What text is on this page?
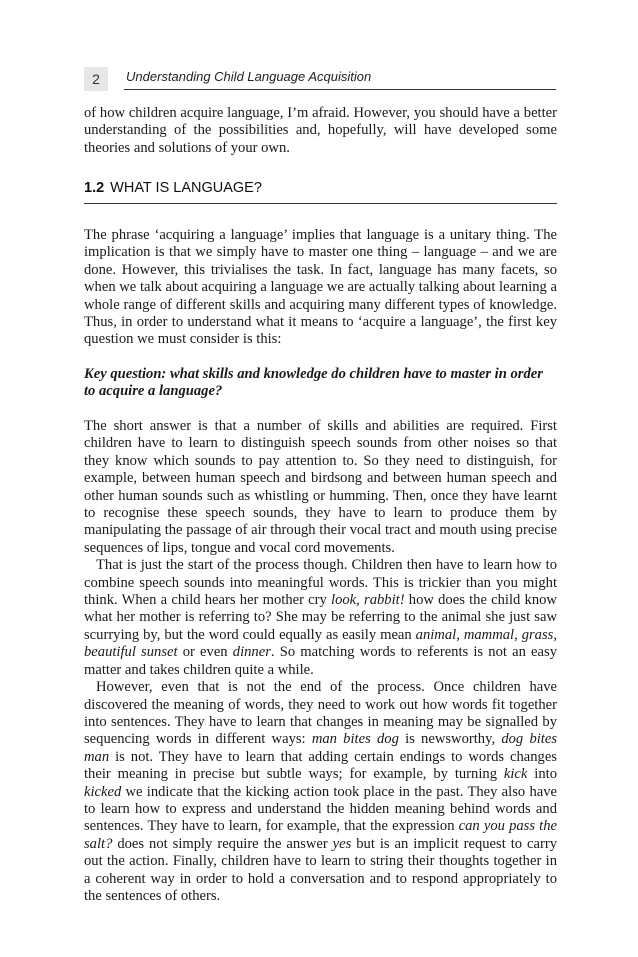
2	Understanding Child Language Acquisition

of how children acquire language, I’m afraid. However, you should have a better understanding of the possibilities and, hopefully, will have developed some theories and solutions of your own.

1.2 WHAT IS LANGUAGE?

The phrase ‘acquiring a language’ implies that language is a unitary thing. The implication is that we simply have to master one thing – language – and we are done. However, this trivialises the task. In fact, language has many facets, so when we talk about acquiring a language we are actually talking about learning a whole range of different skills and acquiring many different types of knowledge. Thus, in order to understand what it means to ‘acquire a language’, the first key question we must consider is this:

Key question: what skills and knowledge do children have to master in order to acquire a language?

The short answer is that a number of skills and abilities are required. First children have to learn to distinguish speech sounds from other noises so that they know which sounds to pay attention to. So they need to distinguish, for example, between human speech and birdsong and between human speech and other human sounds such as whistling or humming. Then, once they have learnt to recognise these speech sounds, they have to learn to produce them by manipulating the passage of air through their vocal tract and mouth using precise sequences of lips, tongue and vocal cord movements.

That is just the start of the process though. Children then have to learn how to combine speech sounds into meaningful words. This is trickier than you might think. When a child hears her mother cry look, rabbit! how does the child know what her mother is referring to? She may be referring to the animal she just saw scurrying by, but the word could equally as easily mean animal, mammal, grass, beautiful sunset or even dinner. So matching words to referents is not an easy matter and takes children quite a while.

However, even that is not the end of the process. Once children have discovered the meaning of words, they need to work out how words fit together into sentences. They have to learn that changes in meaning may be signalled by sequencing words in different ways: man bites dog is newsworthy, dog bites man is not. They have to learn that adding certain endings to words changes their meaning in precise but subtle ways; for example, by turning kick into kicked we indicate that the kicking action took place in the past. They also have to learn how to express and understand the hidden meaning behind words and sentences. They have to learn, for example, that the expression can you pass the salt? does not simply require the answer yes but is an implicit request to carry out the action. Finally, children have to learn to string their thoughts together in a coherent way in order to hold a conversation and to respond appropriately to the sentences of others.
